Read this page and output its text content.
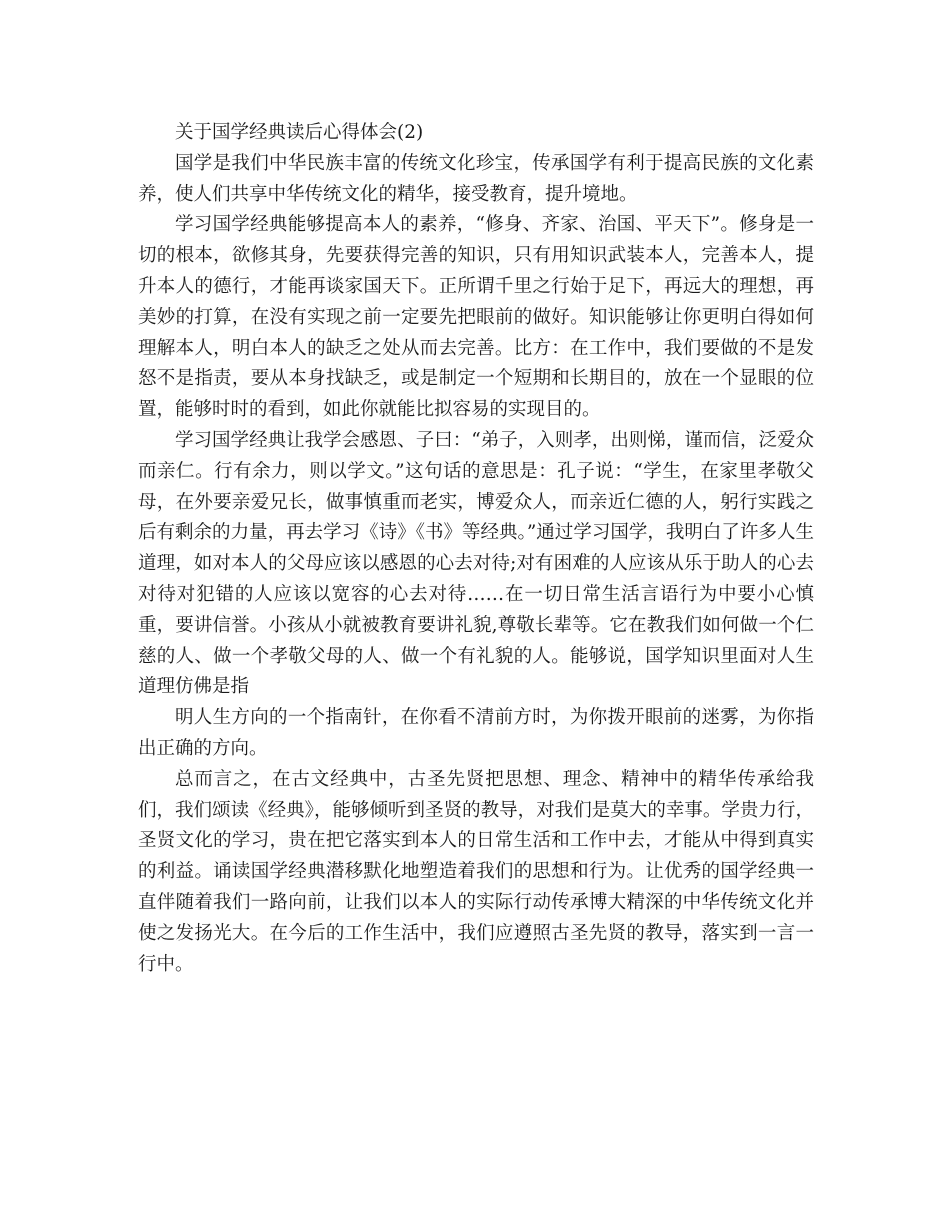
关于国学经典读后心得体会(2)

国学是我们中华民族丰富的传统文化珍宝，传承国学有利于提高民族的文化素养，使人们共享中华传统文化的精华，接受教育，提升境地。

学习国学经典能够提高本人的素养，“修身、齐家、治国、平天下”。修身是一切的根本，欲修其身，先要获得完善的知识，只有用知识武装本人，完善本人，提升本人的德行，才能再谈家国天下。正所谓千里之行始于足下，再远大的理想，再美妙的打算，在没有实现之前一定要先把眼前的做好。知识能够让你更明白得如何理解本人，明白本人的缺乏之处从而去完善。比方：在工作中，我们要做的不是发怒不是指责，要从本身找缺乏，或是制定一个短期和长期目的，放在一个显眼的位置，能够时时的看到，如此你就能比拟容易的实现目的。

学习国学经典让我学会感恩、子曰：“弟子，入则孝，出则悌，谨而信，泛爱众而亲仁。行有余力，则以学文。”这句话的意思是：孔子说：“学生，在家里孝敬父母，在外要亲爱兄长，做事慎重而老实，博爱众人，而亲近仁德的人，躬行实践之后有剩余的力量，再去学习《诗》《书》等经典。”通过学习国学，我明白了许多人生道理，如对本人的父母应该以感恩的心去对待;对有困难的人应该从乐于助人的心去对待对犯错的人应该以宽容的心去对待……在一切日常生活言语行为中要小心慎重，要讲信誉。小孩从小就被教育要讲礼貌,尊敬长辈等。它在教我们如何做一个仁慈的人、做一个孝敬父母的人、做一个有礼貌的人。能够说，国学知识里面对人生道理仿佛是指

明人生方向的一个指南针，在你看不清前方时，为你拨开眼前的迷雾，为你指出正确的方向。

总而言之，在古文经典中，古圣先贤把思想、理念、精神中的精华传承给我们，我们颂读《经典》，能够倾听到圣贤的教导，对我们是莫大的幸事。学贵力行，圣贤文化的学习，贵在把它落实到本人的日常生活和工作中去，才能从中得到真实的利益。诵读国学经典潜移默化地塑造着我们的思想和行为。让优秀的国学经典一直伴随着我们一路向前，让我们以本人的实际行动传承博大精深的中华传统文化并使之发扬光大。在今后的工作生活中，我们应遵照古圣先贤的教导，落实到一言一行中。
